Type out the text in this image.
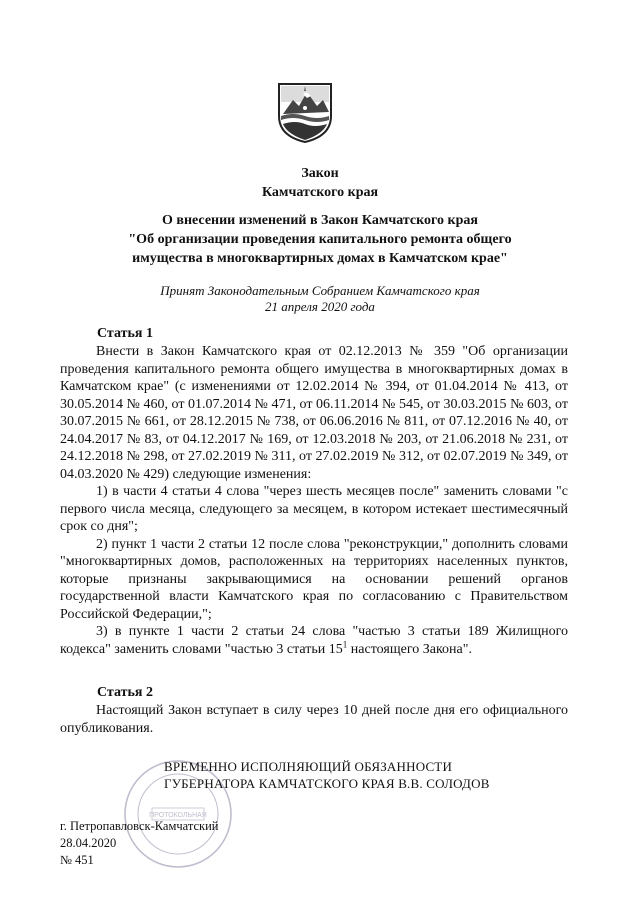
Закон
Камчатского края
О внесении изменений в Закон Камчатского края
"Об организации проведения капитального ремонта общего
имущества в многоквартирных домах в Камчатском крае"
Принят Законодательным Собранием Камчатского края
21 апреля 2020 года
Статья 1

Внести в Закон Камчатского края от 02.12.2013 № 359 "Об организации проведения капитального ремонта общего имущества в многоквартирных домах в Камчатском крае" (с изменениями от 12.02.2014 № 394, от 01.04.2014 № 413, от 30.05.2014 № 460, от 01.07.2014 № 471, от 06.11.2014 № 545, от 30.03.2015 № 603, от 30.07.2015 № 661, от 28.12.2015 № 738, от 06.06.2016 № 811, от 07.12.2016 № 40, от 24.04.2017 № 83, от 04.12.2017 № 169, от 12.03.2018 № 203, от 21.06.2018 № 231, от 24.12.2018 № 298, от 27.02.2019 № 311, от 27.02.2019 № 312, от 02.07.2019 № 349, от 04.03.2020 № 429) следующие изменения:

1) в части 4 статьи 4 слова "через шесть месяцев после" заменить словами "с первого числа месяца, следующего за месяцем, в котором истекает шестимесячный срок со дня";

2) пункт 1 части 2 статьи 12 после слова "реконструкции," дополнить словами "многоквартирных домов, расположенных на территориях населенных пунктов, которые признаны закрывающимися на основании решений органов государственной власти Камчатского края по согласованию с Правительством Российской Федерации,";

3) в пункте 1 части 2 статьи 24 слова "частью 3 статьи 189 Жилищного кодекса" заменить словами "частью 3 статьи $15^1$ настоящего Закона".

Статья 2

Настоящий Закон вступает в силу через 10 дней после дня его официального опубликования.

ПРОТОКОЛЬНАЯ
ВРЕМЕННО ИСПОЛНЯЮЩИЙ ОБЯЗАННОСТИ
ГУБЕРНАТОРА КАМЧАТСКОГО КРАЯ В.В. СОЛОДОВ
г. Петропавловск-Камчатский
28.04.2020
№ 451
